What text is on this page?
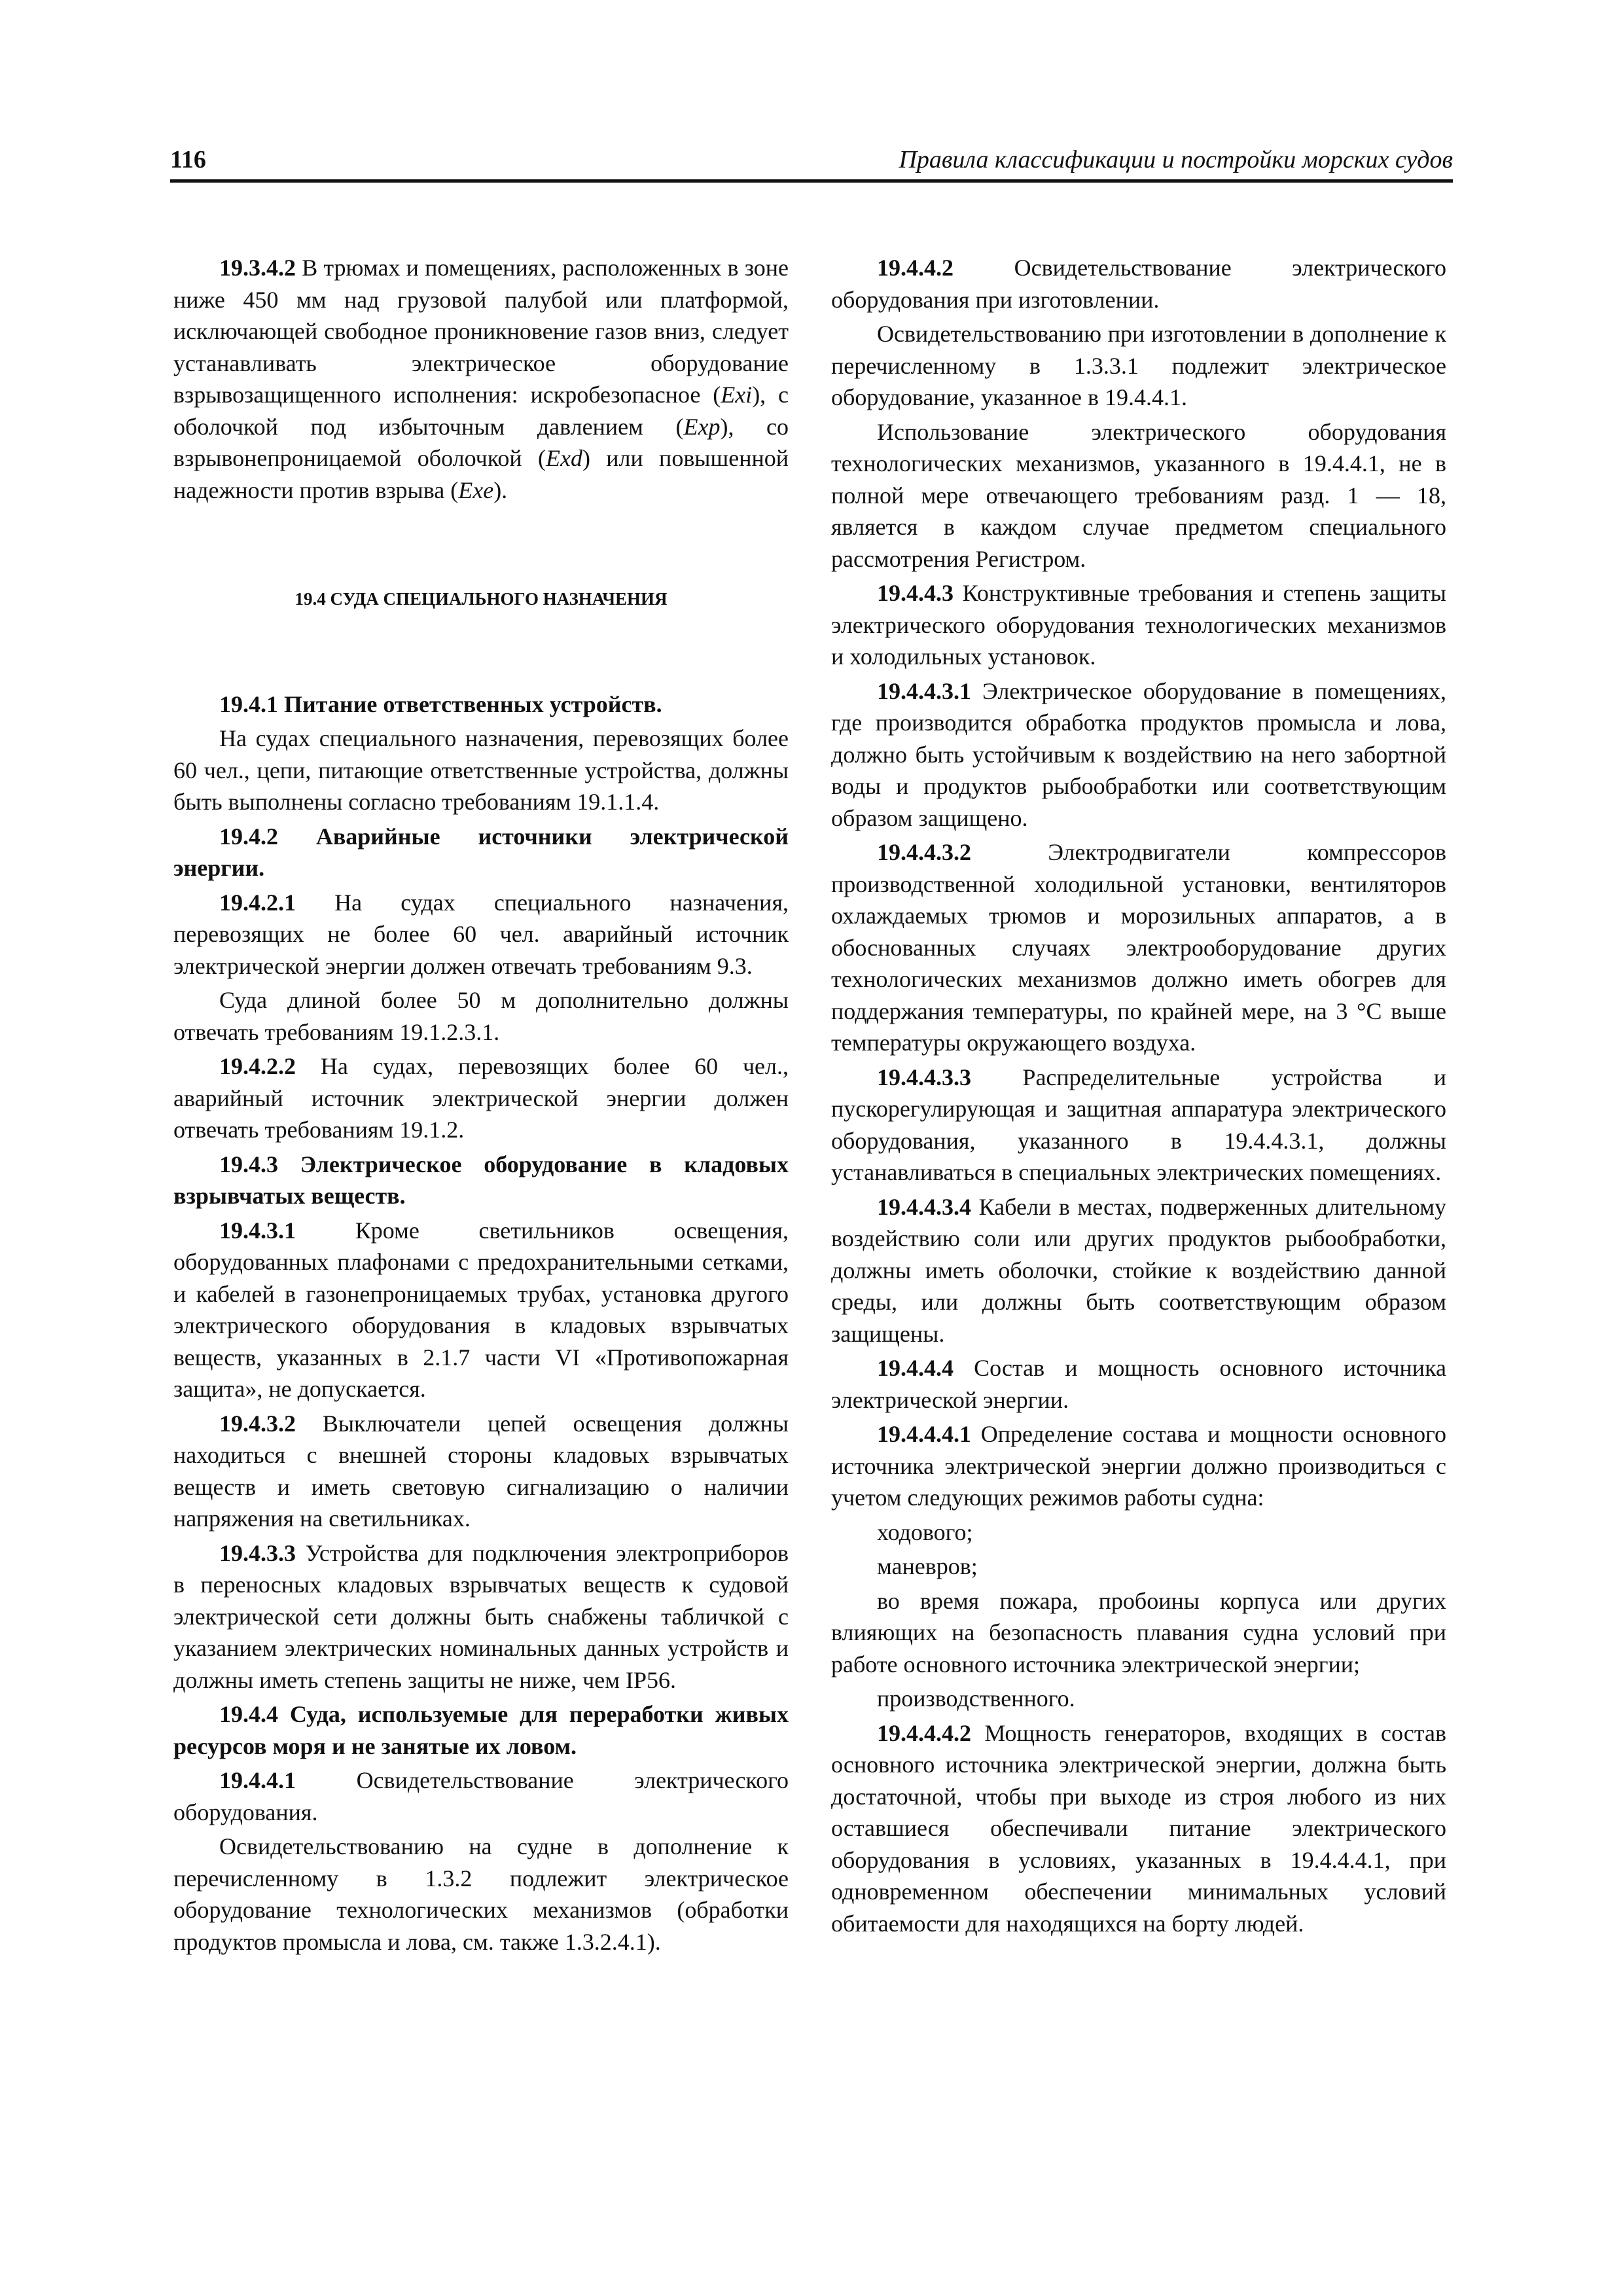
116	Правила классификации и постройки морских судов

19.3.4.2 В трюмах и помещениях, расположенных в зоне ниже 450 мм над грузовой палубой или платформой, исключающей свободное проникновение газов вниз, следует устанавливать электрическое оборудование взрывозащищенного исполнения: искробезопасное (Exi), с оболочкой под избыточным давлением (Exp), со взрывонепроницаемой оболочкой (Exd) или повышенной надежности против взрыва (Exe).

19.4 СУДА СПЕЦИАЛЬНОГО НАЗНАЧЕНИЯ

19.4.1 Питание ответственных устройств.

На судах специального назначения, перевозящих более 60 чел., цепи, питающие ответственные устройства, должны быть выполнены согласно требованиям 19.1.1.4.

19.4.2 Аварийные источники электрической энергии.

19.4.2.1 На судах специального назначения, перевозящих не более 60 чел. аварийный источник электрической энергии должен отвечать требованиям 9.3.

Суда длиной более 50 м дополнительно должны отвечать требованиям 19.1.2.3.1.

19.4.2.2 На судах, перевозящих более 60 чел., аварийный источник электрической энергии должен отвечать требованиям 19.1.2.

19.4.3 Электрическое оборудование в кладовых взрывчатых веществ.

19.4.3.1 Кроме светильников освещения, оборудованных плафонами с предохранительными сетками, и кабелей в газонепроницаемых трубах, установка другого электрического оборудования в кладовых взрывчатых веществ, указанных в 2.1.7 части VI «Противопожарная защита», не допускается.

19.4.3.2 Выключатели цепей освещения должны находиться с внешней стороны кладовых взрывчатых веществ и иметь световую сигнализацию о наличии напряжения на светильниках.

19.4.3.3 Устройства для подключения электроприборов в переносных кладовых взрывчатых веществ к судовой электрической сети должны быть снабжены табличкой с указанием электрических номинальных данных устройств и должны иметь степень защиты не ниже, чем IP56.

19.4.4 Суда, используемые для переработки живых ресурсов моря и не занятые их ловом.

19.4.4.1 Освидетельствование электрического оборудования.

Освидетельствованию на судне в дополнение к перечисленному в 1.3.2 подлежит электрическое оборудование технологических механизмов (обработки продуктов промысла и лова, см. также 1.3.2.4.1).

19.4.4.2 Освидетельствование электрического оборудования при изготовлении.

Освидетельствованию при изготовлении в дополнение к перечисленному в 1.3.3.1 подлежит электрическое оборудование, указанное в 19.4.4.1.

Использование электрического оборудования технологических механизмов, указанного в 19.4.4.1, не в полной мере отвечающего требованиям разд. 1 — 18, является в каждом случае предметом специального рассмотрения Регистром.

19.4.4.3 Конструктивные требования и степень защиты электрического оборудования технологических механизмов и холодильных установок.

19.4.4.3.1 Электрическое оборудование в помещениях, где производится обработка продуктов промысла и лова, должно быть устойчивым к воздействию на него забортной воды и продуктов рыбообработки или соответствующим образом защищено.

19.4.4.3.2 Электродвигатели компрессоров производственной холодильной установки, вентиляторов охлаждаемых трюмов и морозильных аппаратов, а в обоснованных случаях электрооборудование других технологических механизмов должно иметь обогрев для поддержания температуры, по крайней мере, на 3 °С выше температуры окружающего воздуха.

19.4.4.3.3 Распределительные устройства и пускорегулирующая и защитная аппаратура электрического оборудования, указанного в 19.4.4.3.1, должны устанавливаться в специальных электрических помещениях.

19.4.4.3.4 Кабели в местах, подверженных длительному воздействию соли или других продуктов рыбообработки, должны иметь оболочки, стойкие к воздействию данной среды, или должны быть соответствующим образом защищены.

19.4.4.4 Состав и мощность основного источника электрической энергии.

19.4.4.4.1 Определение состава и мощности основного источника электрической энергии должно производиться с учетом следующих режимов работы судна:

ходового;

маневров;

во время пожара, пробоины корпуса или других влияющих на безопасность плавания судна условий при работе основного источника электрической энергии;

производственного.

19.4.4.4.2 Мощность генераторов, входящих в состав основного источника электрической энергии, должна быть достаточной, чтобы при выходе из строя любого из них оставшиеся обеспечивали питание электрического оборудования в условиях, указанных в 19.4.4.4.1, при одновременном обеспечении минимальных условий обитаемости для находящихся на борту людей.
